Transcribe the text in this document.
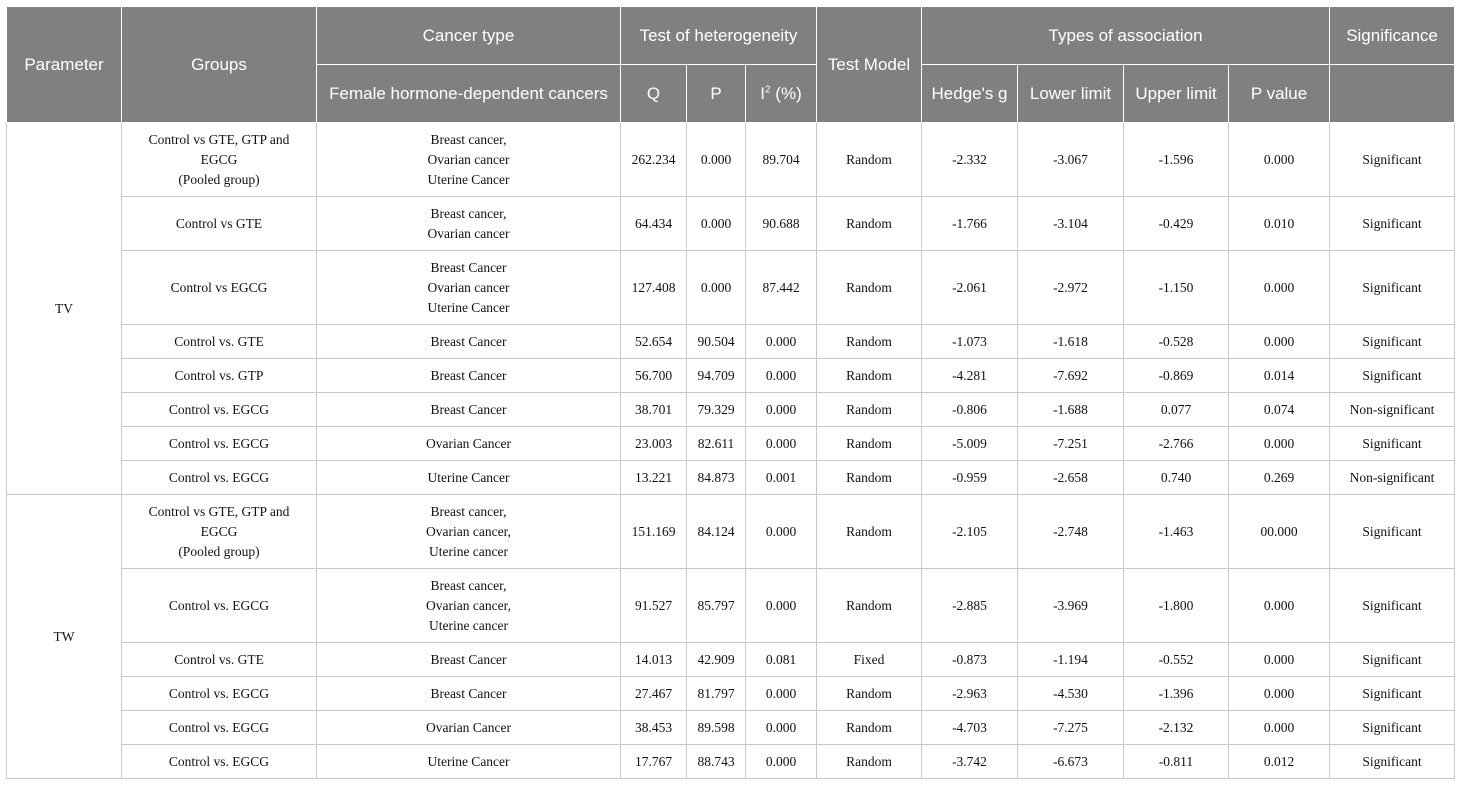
Parameter	Groups	Cancer type	Test of heterogeneity			Test Model	Types of association				Significance
		Female hormone-dependent cancers	Q	P	$I^2$ (%)		Hedge's g	Lower limit	Upper limit	P value	
TV	Control vs GTE, GTP and
EGCG
(Pooled group)	Breast cancer,
Ovarian cancer
Uterine Cancer	262.234	0.000	89.704	Random	-2.332	-3.067	-1.596	0.000	Significant

	Control vs GTE	Breast cancer,
Ovarian cancer	64.434	0.000	90.688	Random	-1.766	-3.104	-0.429	0.010	Significant

	Control vs EGCG	Breast Cancer
Ovarian cancer
Uterine Cancer	127.408	0.000	87.442	Random	-2.061	-2.972	-1.150	0.000	Significant

	Control vs. GTE	Breast Cancer	52.654	90.504	0.000	Random	-1.073	-1.618	-0.528	0.000	Significant

	Control vs. GTP	Breast Cancer	56.700	94.709	0.000	Random	-4.281	-7.692	-0.869	0.014	Significant

	Control vs. EGCG	Breast Cancer	38.701	79.329	0.000	Random	-0.806	-1.688	0.077	0.074	Non-significant

	Control vs. EGCG	Ovarian Cancer	23.003	82.611	0.000	Random	-5.009	-7.251	-2.766	0.000	Significant

	Control vs. EGCG	Uterine Cancer	13.221	84.873	0.001	Random	-0.959	-2.658	0.740	0.269	Non-significant
TW	Control vs GTE, GTP and
EGCG
(Pooled group)	Breast cancer,
Ovarian cancer,
Uterine cancer	151.169	84.124	0.000	Random	-2.105	-2.748	-1.463	00.000	Significant

	Control vs. EGCG	Breast cancer,
Ovarian cancer,
Uterine cancer	91.527	85.797	0.000	Random	-2.885	-3.969	-1.800	0.000	Significant

	Control vs. GTE	Breast Cancer	14.013	42.909	0.081	Fixed	-0.873	-1.194	-0.552	0.000	Significant

	Control vs. EGCG	Breast Cancer	27.467	81.797	0.000	Random	-2.963	-4.530	-1.396	0.000	Significant

	Control vs. EGCG	Ovarian Cancer	38.453	89.598	0.000	Random	-4.703	-7.275	-2.132	0.000	Significant

	Control vs. EGCG	Uterine Cancer	17.767	88.743	0.000	Random	-3.742	-6.673	-0.811	0.012	Significant
